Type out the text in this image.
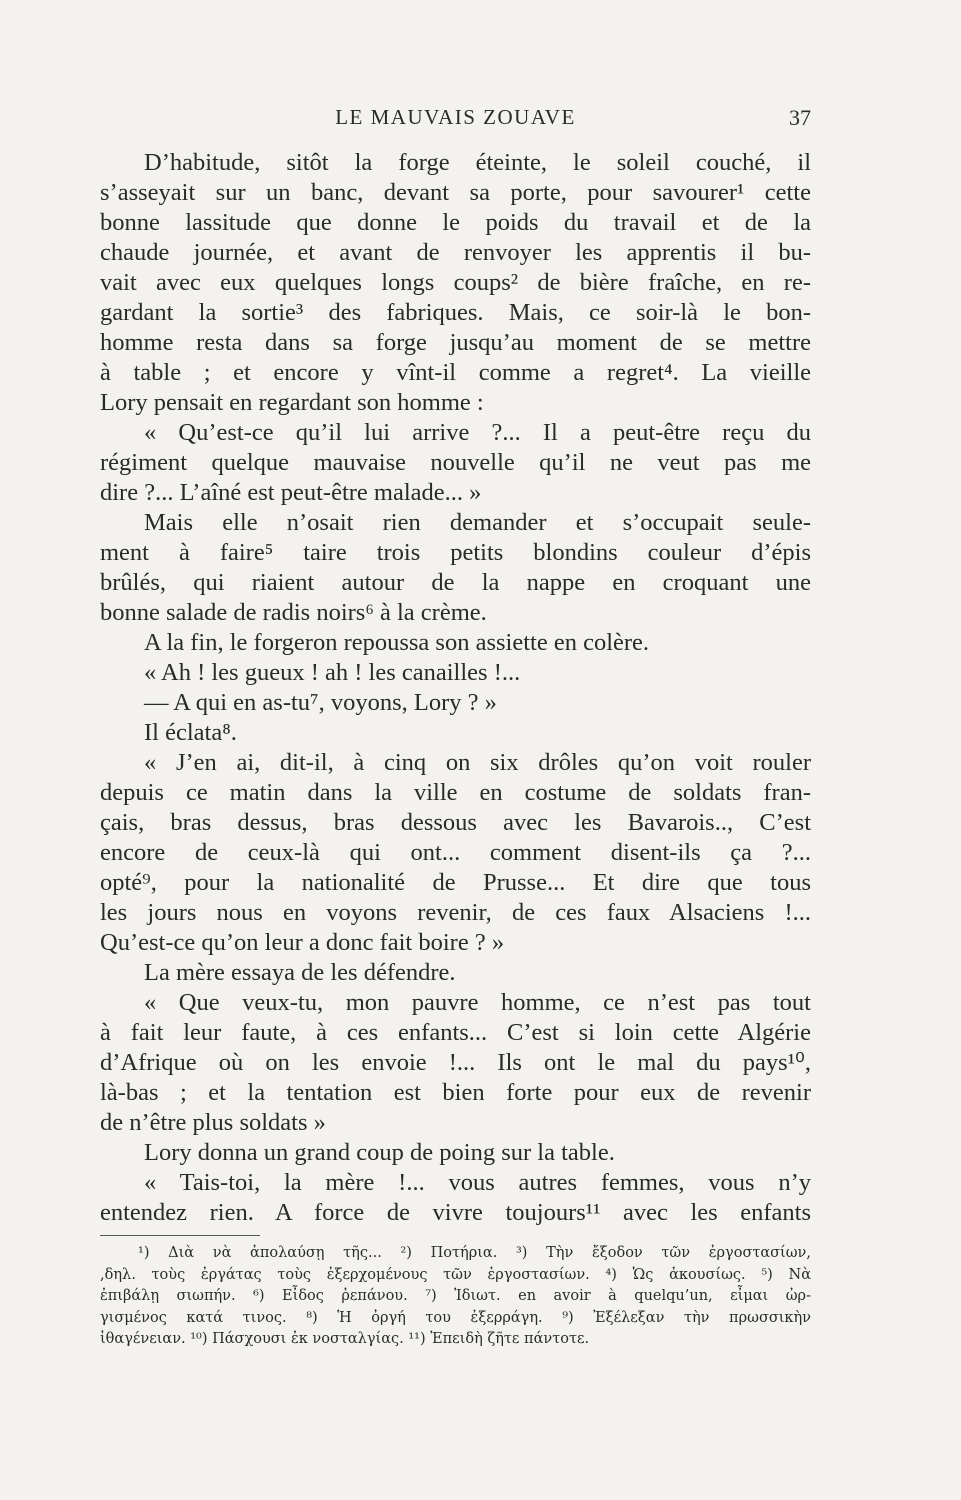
LE MAUVAIS ZOUAVE	37
D’habitude, sitôt la forge éteinte, le soleil couché, il
s’asseyait sur un banc, devant sa porte, pour savourer¹ cette
bonne lassitude que donne le poids du travail et de la
chaude journée, et avant de renvoyer les apprentis il bu-
vait avec eux quelques longs coups² de bière fraîche, en re-
gardant la sortie³ des fabriques. Mais, ce soir-là le bon-
homme resta dans sa forge jusqu’au moment de se mettre
à table ; et encore y vînt-il comme a regret⁴. La vieille
Lory pensait en regardant son homme :
« Qu’est-ce qu’il lui arrive ?... Il a peut-être reçu du
régiment quelque mauvaise nouvelle qu’il ne veut pas me
dire ?... L’aîné est peut-être malade... »
Mais elle n’osait rien demander et s’occupait seule-
ment à faire⁵ taire trois petits blondins couleur d’épis
brûlés, qui riaient autour de la nappe en croquant une
bonne salade de radis noirs⁶ à la crème.
A la fin, le forgeron repoussa son assiette en colère.
« Ah ! les gueux ! ah ! les canailles !...
— A qui en as-tu⁷, voyons, Lory ? »
Il éclata⁸.
« J’en ai, dit-il, à cinq on six drôles qu’on voit rouler
depuis ce matin dans la ville en costume de soldats fran-
çais, bras dessus, bras dessous avec les Bavarois.., C’est
encore de ceux-là qui ont... comment disent-ils ça ?...
opté⁹, pour la nationalité de Prusse... Et dire que tous
les jours nous en voyons revenir, de ces faux Alsaciens !...
Qu’est-ce qu’on leur a donc fait boire ? »
La mère essaya de les défendre.
« Que veux-tu, mon pauvre homme, ce n’est pas tout
à fait leur faute, à ces enfants... C’est si loin cette Algérie
d’Afrique où on les envoie !... Ils ont le mal du pays¹⁰,
là-bas ; et la tentation est bien forte pour eux de revenir
de n’être plus soldats »
Lory donna un grand coup de poing sur la table.
« Tais-toi, la mère !... vous autres femmes, vous n’y
entendez rien. A force de vivre toujours¹¹ avec les enfants
¹) Διὰ νὰ ἀπολαύσῃ τῆς... ²) Ποτήρια. ³) Τὴν ἔξοδον τῶν ἐργοστασίων,
,δηλ. τοὺς ἐργάτας τοὺς ἐξερχομένους τῶν ἐργοστασίων. ⁴) Ὡς ἀκουσίως. ⁵) Νὰ
ἐπιβάλῃ σιωπήν. ⁶) Εἶδος ῥεπάνου. ⁷) Ἰδιωτ. en avoir à quelqu’un, εἶμαι ὠρ-
γισμένος κατά τινος. ⁸) Ἡ ὀργή του ἐξερράγη. ⁹) Ἐξέλεξαν τὴν πρωσσικὴν
ἰθαγένειαν. ¹⁰) Πάσχουσι ἐκ νοσταλγίας. ¹¹) Ἐπειδὴ ζῆτε πάντοτε.
